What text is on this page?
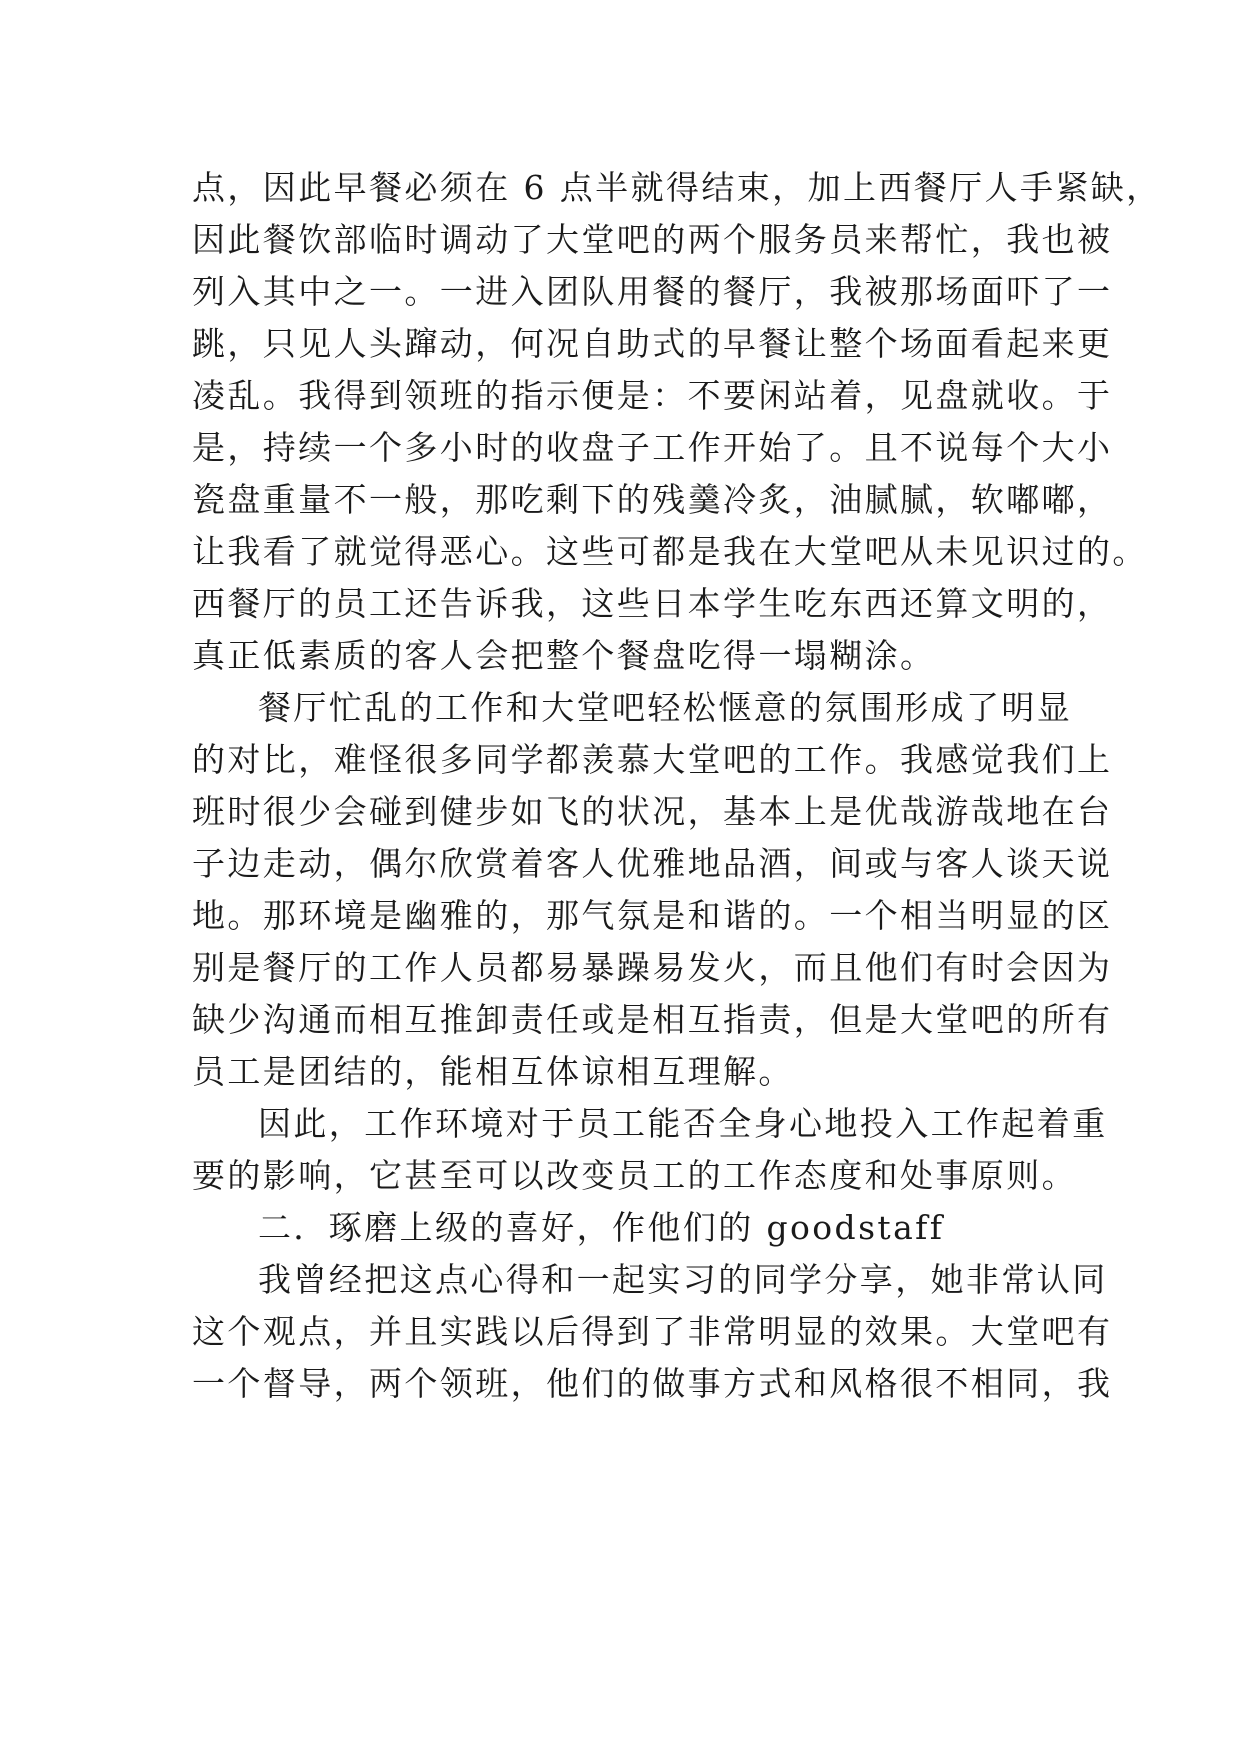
点，因此早餐必须在 6 点半就得结束，加上西餐厅人手紧缺，
因此餐饮部临时调动了大堂吧的两个服务员来帮忙，我也被
列入其中之一。一进入团队用餐的餐厅，我被那场面吓了一
跳，只见人头蹿动，何况自助式的早餐让整个场面看起来更
凌乱。我得到领班的指示便是：不要闲站着，见盘就收。于
是，持续一个多小时的收盘子工作开始了。且不说每个大小
瓷盘重量不一般，那吃剩下的残羹冷炙，油腻腻，软嘟嘟，
让我看了就觉得恶心。这些可都是我在大堂吧从未见识过的。
西餐厅的员工还告诉我，这些日本学生吃东西还算文明的，
真正低素质的客人会把整个餐盘吃得一塌糊涂。
餐厅忙乱的工作和大堂吧轻松惬意的氛围形成了明显
的对比，难怪很多同学都羡慕大堂吧的工作。我感觉我们上
班时很少会碰到健步如飞的状况，基本上是优哉游哉地在台
子边走动，偶尔欣赏着客人优雅地品酒，间或与客人谈天说
地。那环境是幽雅的，那气氛是和谐的。一个相当明显的区
别是餐厅的工作人员都易暴躁易发火，而且他们有时会因为
缺少沟通而相互推卸责任或是相互指责，但是大堂吧的所有
员工是团结的，能相互体谅相互理解。
因此，工作环境对于员工能否全身心地投入工作起着重
要的影响，它甚至可以改变员工的工作态度和处事原则。
二．琢磨上级的喜好，作他们的 goodstaff
我曾经把这点心得和一起实习的同学分享，她非常认同
这个观点，并且实践以后得到了非常明显的效果。大堂吧有
一个督导，两个领班，他们的做事方式和风格很不相同，我
